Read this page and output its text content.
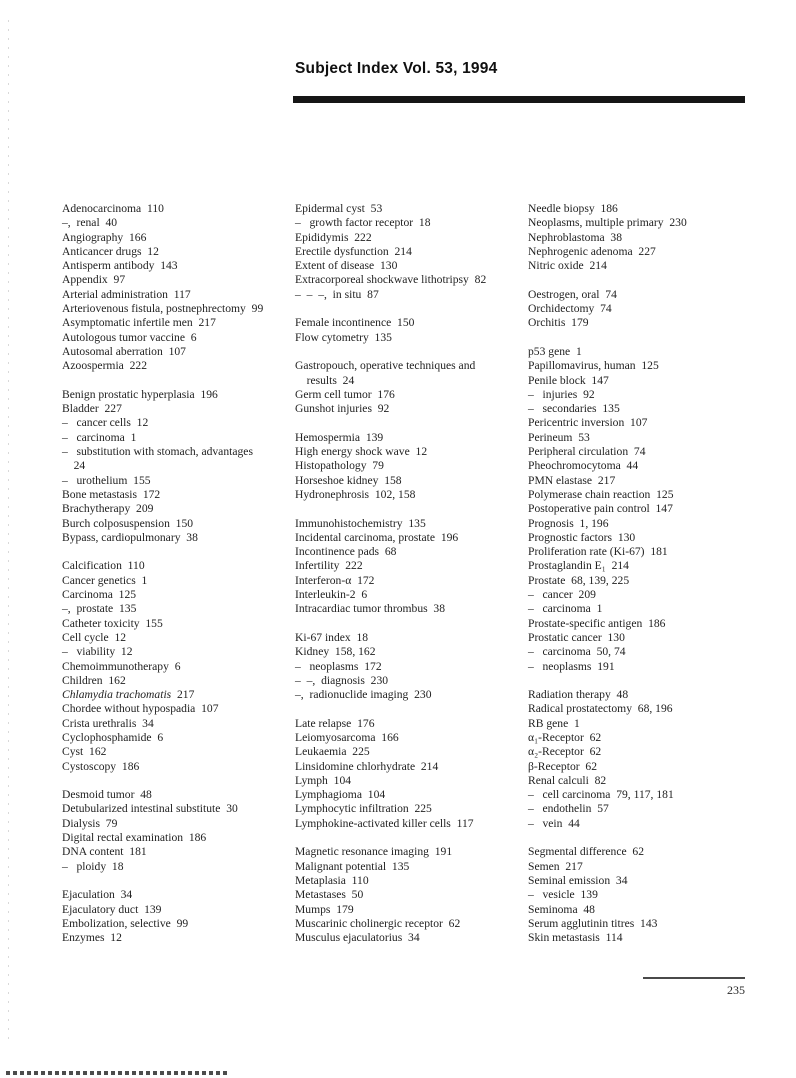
Subject Index Vol. 53, 1994
Adenocarcinoma  110
–,  renal  40
Angiography  166
Anticancer drugs  12
Antisperm antibody  143
Appendix  97
Arterial administration  117
Arteriovenous fistula, postnephrectomy  99
Asymptomatic infertile men  217
Autologous tumor vaccine  6
Autosomal aberration  107
Azoospermia  222

Benign prostatic hyperplasia  196
Bladder  227
–   cancer cells  12
–   carcinoma  1
–   substitution with stomach, advantages
24
–   urothelium  155
Bone metastasis  172
Brachytherapy  209
Burch colposuspension  150
Bypass, cardiopulmonary  38

Calcification  110
Cancer genetics  1
Carcinoma  125
–,  prostate  135
Catheter toxicity  155
Cell cycle  12
–   viability  12
Chemoimmunotherapy  6
Children  162
Chlamydia trachomatis  217
Chordee without hypospadia  107
Crista urethralis  34
Cyclophosphamide  6
Cyst  162
Cystoscopy  186

Desmoid tumor  48
Detubularized intestinal substitute  30
Dialysis  79
Digital rectal examination  186
DNA content  181
–   ploidy  18

Ejaculation  34
Ejaculatory duct  139
Embolization, selective  99
Enzymes  12
Epidermal cyst  53
–   growth factor receptor  18
Epididymis  222
Erectile dysfunction  214
Extent of disease  130
Extracorporeal shockwave lithotripsy  82
–  –  –,  in situ  87

Female incontinence  150
Flow cytometry  135

Gastropouch, operative techniques and
results  24
Germ cell tumor  176
Gunshot injuries  92

Hemospermia  139
High energy shock wave  12
Histopathology  79
Horseshoe kidney  158
Hydronephrosis  102, 158

Immunohistochemistry  135
Incidental carcinoma, prostate  196
Incontinence pads  68
Infertility  222
Interferon-α  172
Interleukin-2  6
Intracardiac tumor thrombus  38

Ki-67 index  18
Kidney  158, 162
–   neoplasms  172
–  –,  diagnosis  230
–,  radionuclide imaging  230

Late relapse  176
Leiomyosarcoma  166
Leukaemia  225
Linsidomine chlorhydrate  214
Lymph  104
Lymphagioma  104
Lymphocytic infiltration  225
Lymphokine-activated killer cells  117

Magnetic resonance imaging  191
Malignant potential  135
Metaplasia  110
Metastases  50
Mumps  179
Muscarinic cholinergic receptor  62
Musculus ejaculatorius  34
Needle biopsy  186
Neoplasms, multiple primary  230
Nephroblastoma  38
Nephrogenic adenoma  227
Nitric oxide  214

Oestrogen, oral  74
Orchidectomy  74
Orchitis  179

p53 gene  1
Papillomavirus, human  125
Penile block  147
–   injuries  92
–   secondaries  135
Pericentric inversion  107
Perineum  53
Peripheral circulation  74
Pheochromocytoma  44
PMN elastase  217
Polymerase chain reaction  125
Postoperative pain control  147
Prognosis  1, 196
Prognostic factors  130
Proliferation rate (Ki-67)  181
Prostaglandin E₁  214
Prostate  68, 139, 225
–   cancer  209
–   carcinoma  1
Prostate-specific antigen  186
Prostatic cancer  130
–   carcinoma  50, 74
–   neoplasms  191

Radiation therapy  48
Radical prostatectomy  68, 196
RB gene  1
α₁-Receptor  62
α₂-Receptor  62
β-Receptor  62
Renal calculi  82
–   cell carcinoma  79, 117, 181
–   endothelin  57
–   vein  44

Segmental difference  62
Semen  217
Seminal emission  34
–   vesicle  139
Seminoma  48
Serum agglutinin titres  143
Skin metastasis  114
235
